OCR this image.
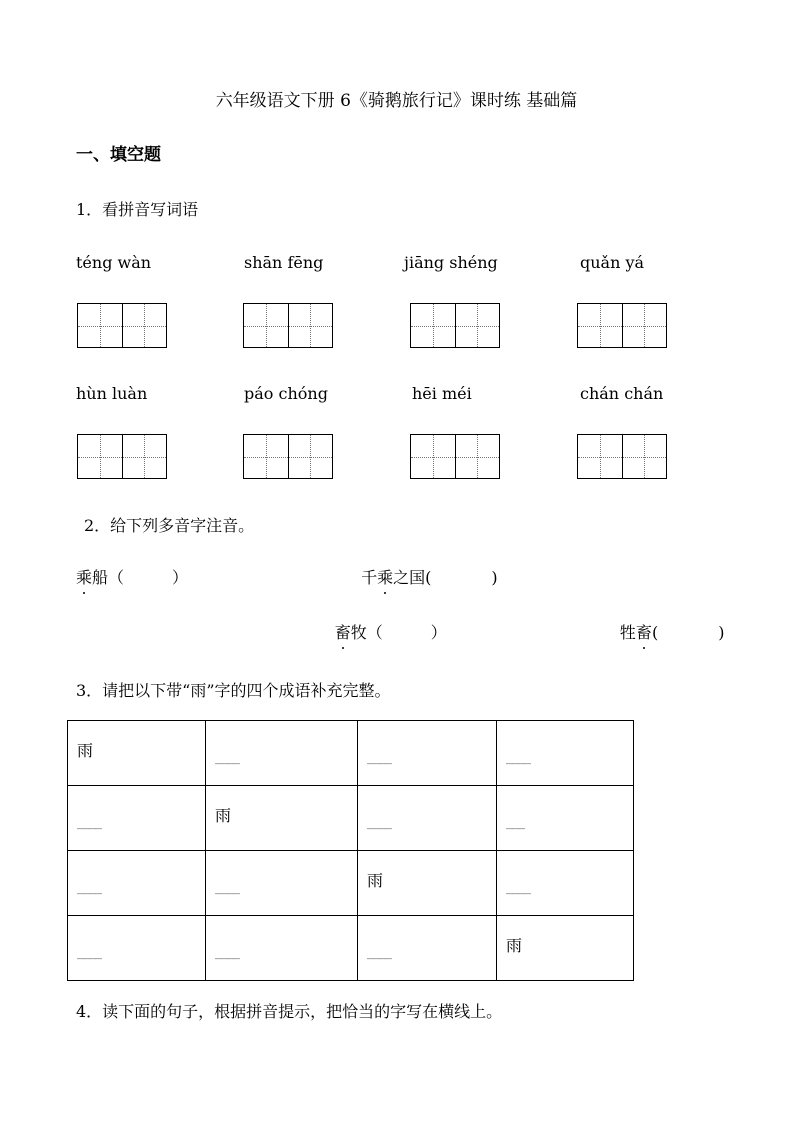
六年级语文下册 6《骑鹅旅行记》课时练 基础篇
一、填空题
1．看拼音写词语
téng wàn	shān fēng	jiāng shéng	quǎn yá
hùn luàn	páo chóng	hēi méi	chán chán
2．给下列多音字注音。
乘船（	）	千乘之国(	) 畜牧（	）	牲畜(	)
3．请把以下带“雨”字的四个成语补充完整。
雨	____	____	____

____	雨	____	___

____	____	雨	____

____	____	____	雨
4．读下面的句子，根据拼音提示，把恰当的字写在横线上。
